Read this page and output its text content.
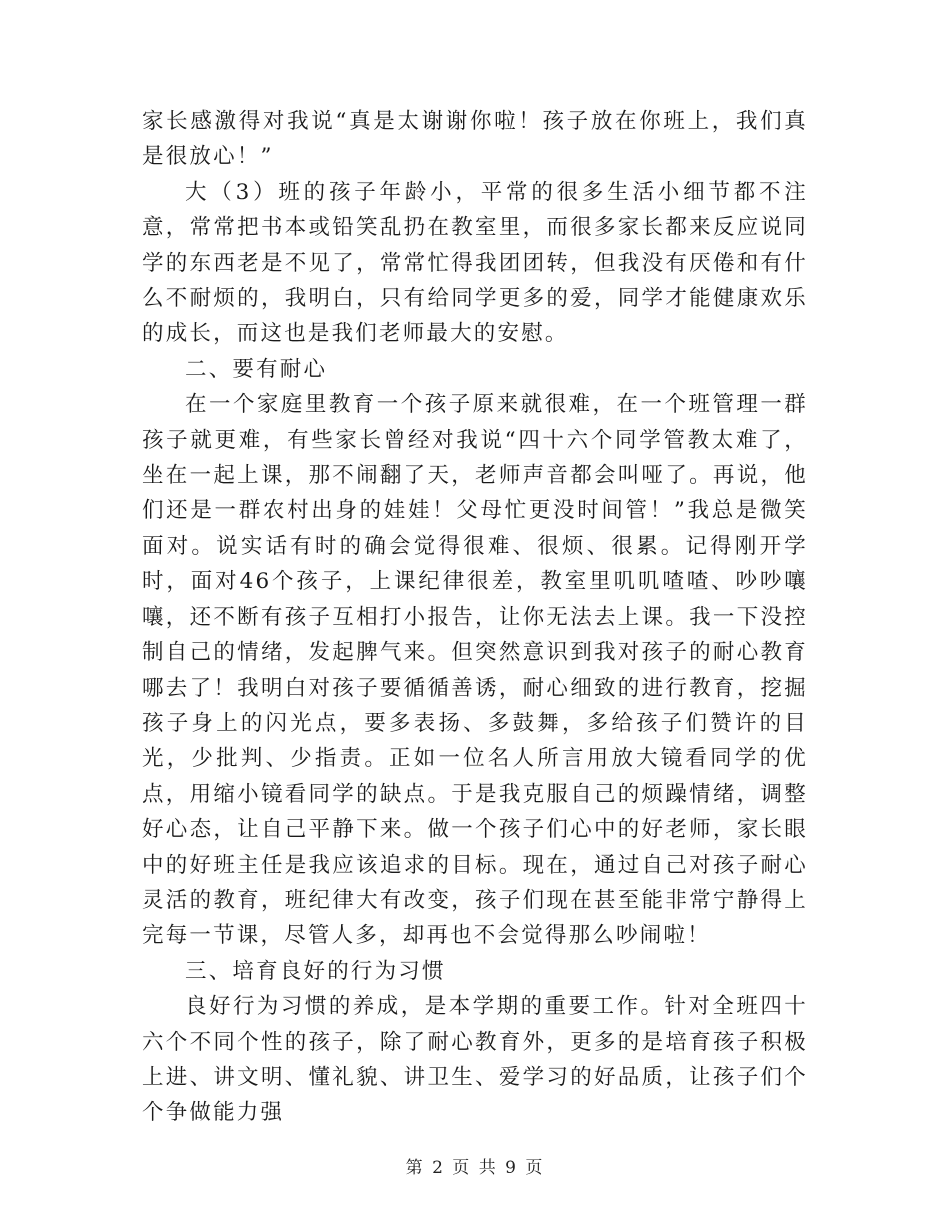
家长感激得对我说“真是太谢谢你啦！孩子放在你班上，我们真是很放心！”

大（3）班的孩子年龄小，平常的很多生活小细节都不注意，常常把书本或铅笑乱扔在教室里，而很多家长都来反应说同学的东西老是不见了，常常忙得我团团转，但我没有厌倦和有什么不耐烦的，我明白，只有给同学更多的爱，同学才能健康欢乐的成长，而这也是我们老师最大的安慰。

二、要有耐心

在一个家庭里教育一个孩子原来就很难，在一个班管理一群孩子就更难，有些家长曾经对我说“四十六个同学管教太难了，坐在一起上课，那不闹翻了天，老师声音都会叫哑了。再说，他们还是一群农村出身的娃娃！父母忙更没时间管！”我总是微笑面对。说实话有时的确会觉得很难、很烦、很累。记得刚开学时，面对46个孩子，上课纪律很差，教室里叽叽喳喳、吵吵嚷嚷，还不断有孩子互相打小报告，让你无法去上课。我一下没控制自己的情绪，发起脾气来。但突然意识到我对孩子的耐心教育哪去了！我明白对孩子要循循善诱，耐心细致的进行教育，挖掘孩子身上的闪光点，要多表扬、多鼓舞，多给孩子们赞许的目光，少批判、少指责。正如一位名人所言用放大镜看同学的优点，用缩小镜看同学的缺点。于是我克服自己的烦躁情绪，调整好心态，让自己平静下来。做一个孩子们心中的好老师，家长眼中的好班主任是我应该追求的目标。现在，通过自己对孩子耐心灵活的教育，班纪律大有改变，孩子们现在甚至能非常宁静得上完每一节课，尽管人多，却再也不会觉得那么吵闹啦！

三、培育良好的行为习惯

良好行为习惯的养成，是本学期的重要工作。针对全班四十六个不同个性的孩子，除了耐心教育外，更多的是培育孩子积极上进、讲文明、懂礼貌、讲卫生、爱学习的好品质，让孩子们个个争做能力强

第 2 页 共 9 页
